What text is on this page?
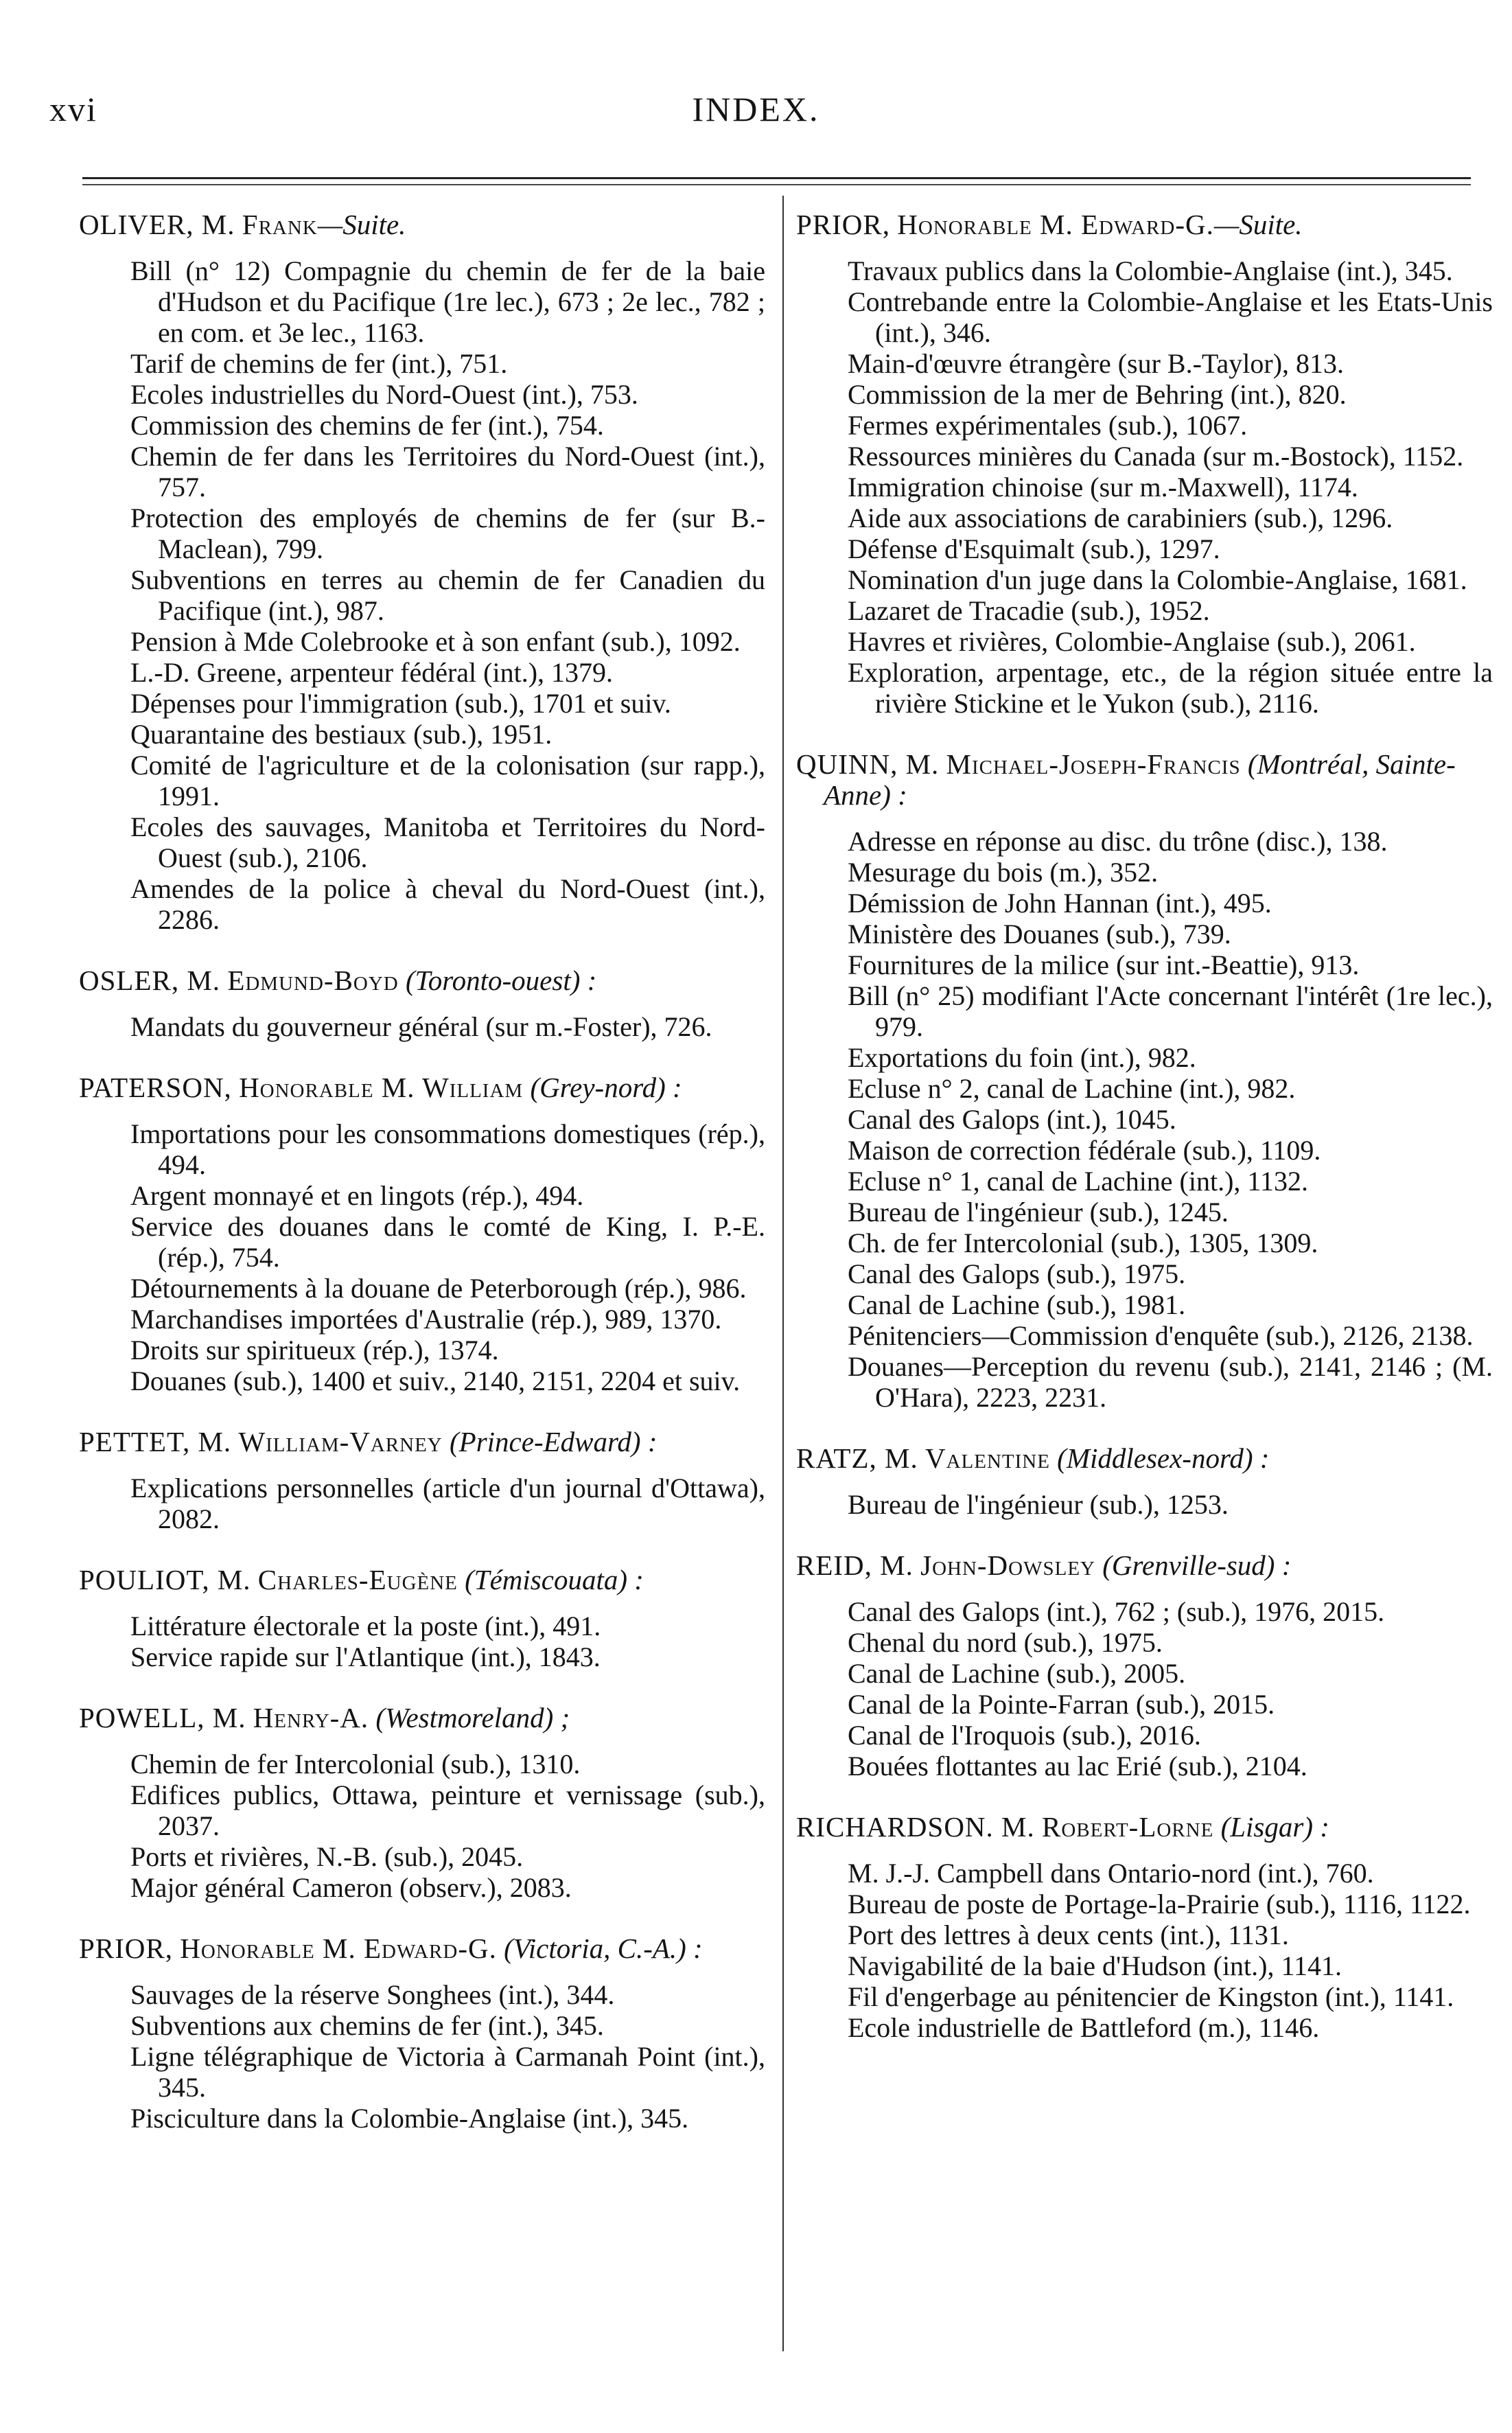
xvi	INDEX.
OLIVER, M. Frank—Suite.

Bill (n° 12) Compagnie du chemin de fer de la baie d'Hudson et du Pacifique (1re lec.), 673 ; 2e lec., 782 ; en com. et 3e lec., 1163.

Tarif de chemins de fer (int.), 751.

Ecoles industrielles du Nord-Ouest (int.), 753.

Commission des chemins de fer (int.), 754.

Chemin de fer dans les Territoires du Nord-Ouest (int.), 757.

Protection des employés de chemins de fer (sur B.-Maclean), 799.

Subventions en terres au chemin de fer Canadien du Pacifique (int.), 987.

Pension à Mde Colebrooke et à son enfant (sub.), 1092.

L.-D. Greene, arpenteur fédéral (int.), 1379.

Dépenses pour l'immigration (sub.), 1701 et suiv.

Quarantaine des bestiaux (sub.), 1951.

Comité de l'agriculture et de la colonisation (sur rapp.), 1991.

Ecoles des sauvages, Manitoba et Territoires du Nord-Ouest (sub.), 2106.

Amendes de la police à cheval du Nord-Ouest (int.), 2286.

OSLER, M. Edmund-Boyd (Toronto-ouest) :

Mandats du gouverneur général (sur m.-Foster), 726.

PATERSON, Honorable M. William (Grey-nord) :

Importations pour les consommations domestiques (rép.), 494.

Argent monnayé et en lingots (rép.), 494.

Service des douanes dans le comté de King, I. P.-E. (rép.), 754.

Détournements à la douane de Peterborough (rép.), 986.

Marchandises importées d'Australie (rép.), 989, 1370.

Droits sur spiritueux (rép.), 1374.

Douanes (sub.), 1400 et suiv., 2140, 2151, 2204 et suiv.

PETTET, M. William-Varney (Prince-Edward) :

Explications personnelles (article d'un journal d'Ottawa), 2082.

POULIOT, M. Charles-Eugène (Témiscouata) :

Littérature électorale et la poste (int.), 491.

Service rapide sur l'Atlantique (int.), 1843.

POWELL, M. Henry-A. (Westmoreland) ;

Chemin de fer Intercolonial (sub.), 1310.

Edifices publics, Ottawa, peinture et vernissage (sub.), 2037.

Ports et rivières, N.-B. (sub.), 2045.

Major général Cameron (observ.), 2083.

PRIOR, Honorable M. Edward-G. (Victoria, C.-A.) :

Sauvages de la réserve Songhees (int.), 344.

Subventions aux chemins de fer (int.), 345.

Ligne télégraphique de Victoria à Carmanah Point (int.), 345.

Pisciculture dans la Colombie-Anglaise (int.), 345.

PRIOR, Honorable M. Edward-G.—Suite.

Travaux publics dans la Colombie-Anglaise (int.), 345.

Contrebande entre la Colombie-Anglaise et les Etats-Unis (int.), 346.

Main-d'œuvre étrangère (sur B.-Taylor), 813.

Commission de la mer de Behring (int.), 820.

Fermes expérimentales (sub.), 1067.

Ressources minières du Canada (sur m.-Bostock), 1152.

Immigration chinoise (sur m.-Maxwell), 1174.

Aide aux associations de carabiniers (sub.), 1296.

Défense d'Esquimalt (sub.), 1297.

Nomination d'un juge dans la Colombie-Anglaise, 1681.

Lazaret de Tracadie (sub.), 1952.

Havres et rivières, Colombie-Anglaise (sub.), 2061.

Exploration, arpentage, etc., de la région située entre la rivière Stickine et le Yukon (sub.), 2116.

QUINN, M. Michael-Joseph-Francis (Montréal, Sainte-Anne) :

Adresse en réponse au disc. du trône (disc.), 138.

Mesurage du bois (m.), 352.

Démission de John Hannan (int.), 495.

Ministère des Douanes (sub.), 739.

Fournitures de la milice (sur int.-Beattie), 913.

Bill (n° 25) modifiant l'Acte concernant l'intérêt (1re lec.), 979.

Exportations du foin (int.), 982.

Ecluse n° 2, canal de Lachine (int.), 982.

Canal des Galops (int.), 1045.

Maison de correction fédérale (sub.), 1109.

Ecluse n° 1, canal de Lachine (int.), 1132.

Bureau de l'ingénieur (sub.), 1245.

Ch. de fer Intercolonial (sub.), 1305, 1309.

Canal des Galops (sub.), 1975.

Canal de Lachine (sub.), 1981.

Pénitenciers—Commission d'enquête (sub.), 2126, 2138.

Douanes—Perception du revenu (sub.), 2141, 2146 ; (M. O'Hara), 2223, 2231.

RATZ, M. Valentine (Middlesex-nord) :

Bureau de l'ingénieur (sub.), 1253.

REID, M. John-Dowsley (Grenville-sud) :

Canal des Galops (int.), 762 ; (sub.), 1976, 2015.

Chenal du nord (sub.), 1975.

Canal de Lachine (sub.), 2005.

Canal de la Pointe-Farran (sub.), 2015.

Canal de l'Iroquois (sub.), 2016.

Bouées flottantes au lac Erié (sub.), 2104.

RICHARDSON. M. Robert-Lorne (Lisgar) :

M. J.-J. Campbell dans Ontario-nord (int.), 760.

Bureau de poste de Portage-la-Prairie (sub.), 1116, 1122.

Port des lettres à deux cents (int.), 1131.

Navigabilité de la baie d'Hudson (int.), 1141.

Fil d'engerbage au pénitencier de Kingston (int.), 1141.

Ecole industrielle de Battleford (m.), 1146.
